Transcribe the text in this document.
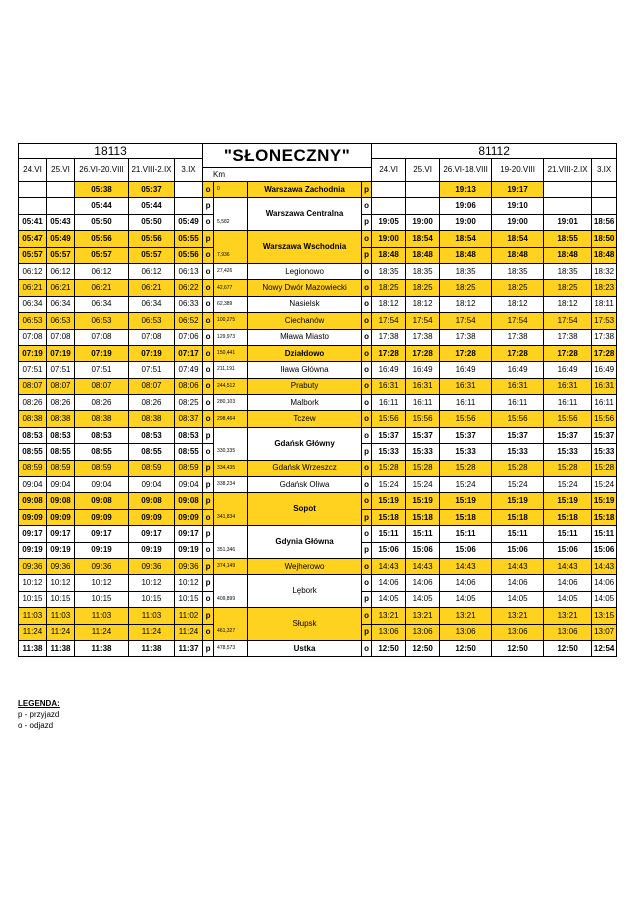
18113					"SŁONECZNY"				81112					
24.VI	25.VI	26.VI-20.VIII	21.VIII-2.IX	3.IX					24.VI	25.VI	26.VI-18.VIII	19-20.VIII	21.VIII-2.IX	3.IX
					Km									
		05:38	05:37		o	0	Warszawa Zachodnia	p			19:13	19:17		
		05:44	05:44		p		Warszawa Centralna	o			19:06	19:10		
05:41	05:43	05:50	05:50	05:49	o	5,582		p	19:05	19:00	19:00	19:00	19:01	18:56
05:47	05:49	05:56	05:56	05:55	p		Warszawa Wschodnia	o	19:00	18:54	18:54	18:54	18:55	18:50
05:57	05:57	05:57	05:57	05:56	o	7,936		p	18:48	18:48	18:48	18:48	18:48	18:48
06:12	06:12	06:12	06:12	06:13	o	27,426	Legionowo	o	18:35	18:35	18:35	18:35	18:35	18:32
06:21	06:21	06:21	06:21	06:22	o	42,677	Nowy Dwór Mazowiecki	o	18:25	18:25	18:25	18:25	18:25	18:23
06:34	06:34	06:34	06:34	06:33	o	62,389	Nasielsk	o	18:12	18:12	18:12	18:12	18:12	18:11
06:53	06:53	06:53	06:53	06:52	o	100,275	Ciechanów	o	17:54	17:54	17:54	17:54	17:54	17:53
07:08	07:08	07:08	07:08	07:06	o	129,973	Mława Miasto	o	17:38	17:38	17:38	17:38	17:38	17:38
07:19	07:19	07:19	07:19	07:17	o	150,441	Działdowo	o	17:28	17:28	17:28	17:28	17:28	17:28
07:51	07:51	07:51	07:51	07:49	o	211,191	Iława Główna	o	16:49	16:49	16:49	16:49	16:49	16:49
08:07	08:07	08:07	08:07	08:06	o	244,512	Prabuty	o	16:31	16:31	16:31	16:31	16:31	16:31
08:26	08:26	08:26	08:26	08:25	o	280,103	Malbork	o	16:11	16:11	16:11	16:11	16:11	16:11
08:38	08:38	08:38	08:38	08:37	o	298,464	Tczew	o	15:56	15:56	15:56	15:56	15:56	15:56
08:53	08:53	08:53	08:53	08:53	p		Gdańsk Główny	o	15:37	15:37	15:37	15:37	15:37	15:37
08:55	08:55	08:55	08:55	08:55	o	330,335		p	15:33	15:33	15:33	15:33	15:33	15:33
08:59	08:59	08:59	08:59	08:59	p	334,435	Gdańsk Wrzeszcz	o	15:28	15:28	15:28	15:28	15:28	15:28
09:04	09:04	09:04	09:04	09:04	p	338,234	Gdańsk Oliwa	o	15:24	15:24	15:24	15:24	15:24	15:24
09:08	09:08	09:08	09:08	09:08	p		Sopot	o	15:19	15:19	15:19	15:19	15:19	15:19
09:09	09:09	09:09	09:09	09:09	o	341,834		p	15:18	15:18	15:18	15:18	15:18	15:18
09:17	09:17	09:17	09:17	09:17	p		Gdynia Główna	o	15:11	15:11	15:11	15:11	15:11	15:11
09:19	09:19	09:19	09:19	09:19	o	351,346		p	15:06	15:06	15:06	15:06	15:06	15:06
09:36	09:36	09:36	09:36	09:36	p	374,149	Wejherowo	o	14:43	14:43	14:43	14:43	14:43	14:43
10:12	10:12	10:12	10:12	10:12	p		Lębork	o	14:06	14:06	14:06	14:06	14:06	14:06
10:15	10:15	10:15	10:15	10:15	o	409,899		p	14:05	14:05	14:05	14:05	14:05	14:05
11:03	11:03	11:03	11:03	11:02	p		Słupsk	o	13:21	13:21	13:21	13:21	13:21	13:15
11:24	11:24	11:24	11:24	11:24	o	461,327		p	13:06	13:06	13:06	13:06	13:06	13:07
11:38	11:38	11:38	11:38	11:37	p	478,573	Ustka	o	12:50	12:50	12:50	12:50	12:50	12:54
LEGENDA:
p - przyjazd
o - odjazd
